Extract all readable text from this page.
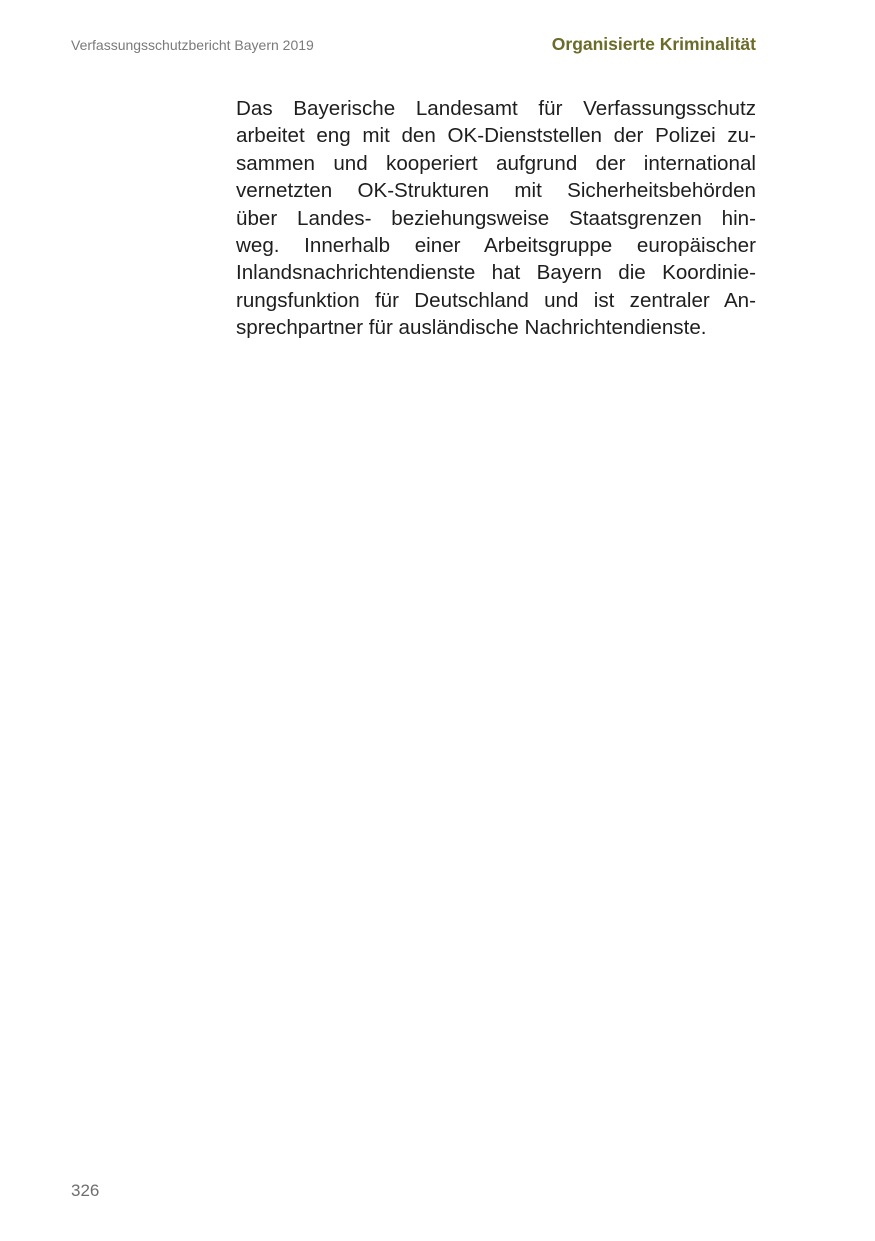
Verfassungsschutzbericht Bayern 2019	Organisierte Kriminalität
Das Bayerische Landesamt für Verfassungsschutz
arbeitet eng mit den OK-Dienststellen der Polizei zu-
sammen und kooperiert aufgrund der international
vernetzten OK-Strukturen mit Sicherheitsbehörden
über Landes- beziehungsweise Staatsgrenzen hin-
weg. Innerhalb einer Arbeitsgruppe europäischer
Inlandsnachrichtendienste hat Bayern die Koordinie-
rungsfunktion für Deutschland und ist zentraler An-
sprechpartner für ausländische Nachrichtendienste.
326
